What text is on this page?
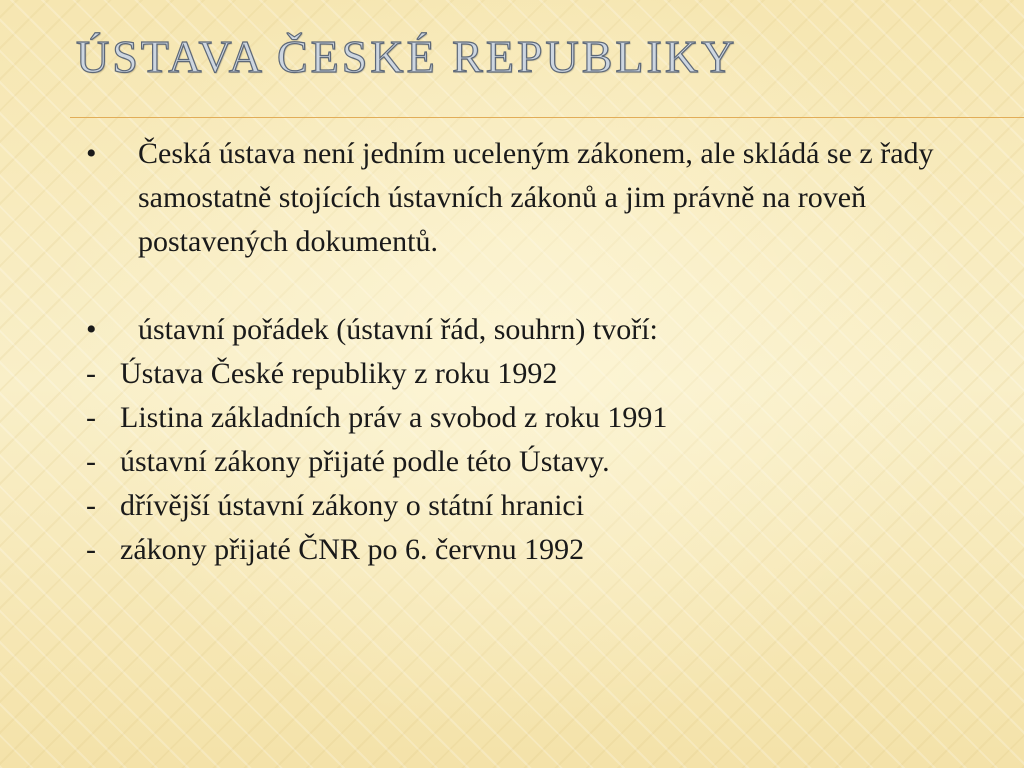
ÚSTAVA ČESKÉ REPUBLIKY
• Česká ústava není jedním uceleným zákonem, ale skládá se z řady samostatně stojících ústavních zákonů a jim právně na roveň postavených dokumentů.
• ústavní pořádek (ústavní řád, souhrn) tvoří:
- Ústava České republiky z roku 1992
- Listina základních práv a svobod z roku 1991
- ústavní zákony přijaté podle této Ústavy.
- dřívější ústavní zákony o státní hranici
- zákony přijaté ČNR po 6. červnu 1992
